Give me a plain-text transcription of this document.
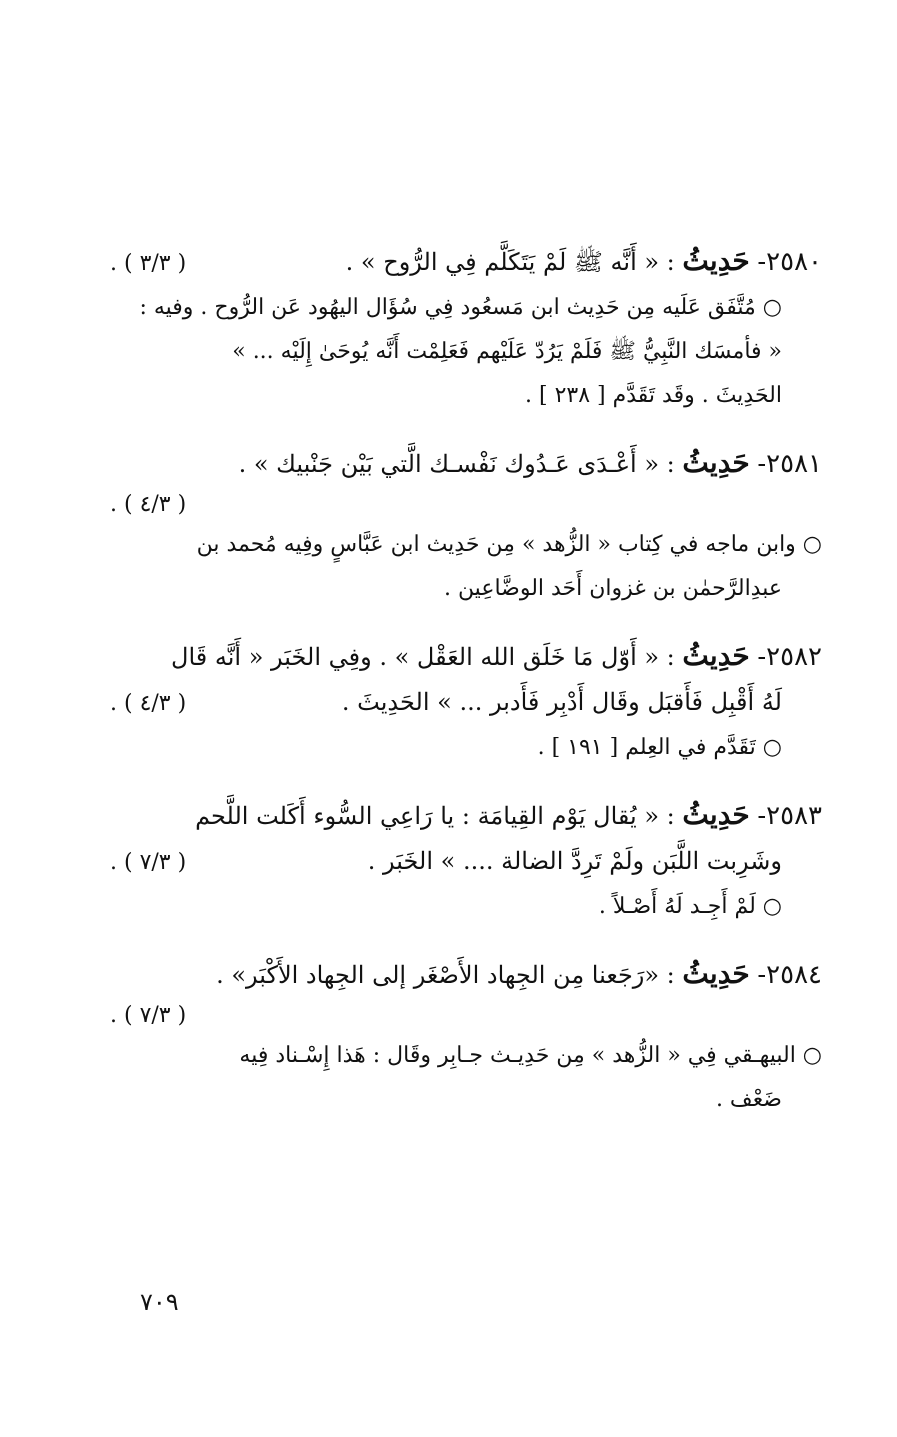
٢٥٨٠- حَدِيثُ : « أَنَّه ﷺ لَمْ يَتَكَلَّم فِي الرُّوح » .
( ٣/٣ ) .
○ مُتَّفَق عَلَيه مِن حَدِيث ابن مَسعُود فِي سُؤَال اليهُود عَن الرُّوح . وفيه :
« فأمسَك النَّبِيُّ ﷺ فَلَمْ يَرُدّ عَلَيْهم فَعَلِمْت أَنَّه يُوحَىٰ إِلَيْه ... »
الحَدِيثَ . وقَد تَقَدَّم [ ٢٣٨ ] .
٢٥٨١- حَدِيثُ : « أَعْـدَى عَـدُوك نَفْسـك الَّتي بَيْن جَنْبيك » .
( ٤/٣ ) .
○ وابن ماجه في كِتاب « الزُّهد » مِن حَدِيث ابن عَبَّاسٍ وفِيه مُحمد بن
عبدِالرَّحمٰن بن غزوان أَحَد الوضَّاعِين .
٢٥٨٢- حَدِيثُ : « أَوّل مَا خَلَق الله العَقْل » . وفِي الخَبَر « أَنَّه قَال
لَهُ أَقْبِل فَأَقبَل وقَال أَدْبِر فَأَدبر ... » الحَدِيثَ .
( ٤/٣ ) .
○ تَقَدَّم في العِلم [ ١٩١ ] .
٢٥٨٣- حَدِيثُ : « يُقال يَوْم القِيامَة : يا رَاعِي السُّوء أَكَلت اللَّحم
وشَرِبت اللَّبَن ولَمْ تَرِدَّ الضالة .... » الخَبَر .
( ٧/٣ ) .
○ لَمْ أَجِـد لَهُ أَصْـلاً .
٢٥٨٤- حَدِيثُ : «رَجَعنا مِن الجِهاد الأَصْغَر إلى الجِهاد الأَكْبَر» .
( ٧/٣ ) .
○ البيهـقي فِي « الزُّهد » مِن حَدِيـث جـابِر وقَال : هَذا إِسْـناد فِيه
ضَعْف .
٧٠٩
